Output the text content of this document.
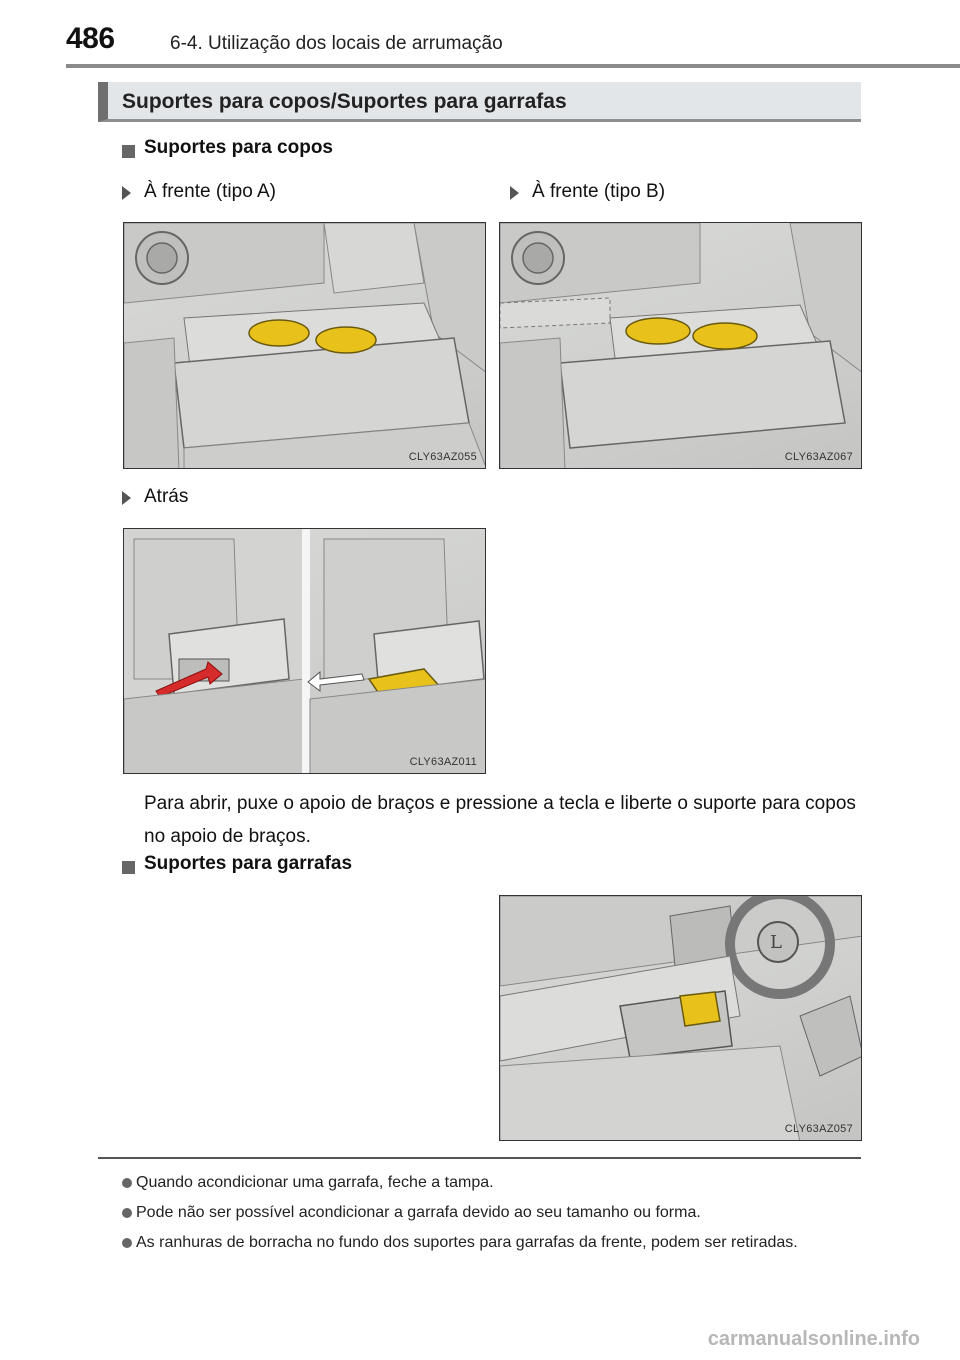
486	6-4. Utilização dos locais de arrumação
Suportes para copos/Suportes para garrafas
Suportes para copos
À frente (tipo A)	À frente (tipo B)
CLY63AZ055	CLY63AZ067
Atrás
CLY63AZ011
Para abrir, puxe o apoio de braços e pressione a tecla e liberte o suporte para copos no apoio de braços.
Suportes para garrafas
L
CLY63AZ057
Quando acondicionar uma garrafa, feche a tampa.
Pode não ser possível acondicionar a garrafa devido ao seu tamanho ou forma.
As ranhuras de borracha no fundo dos suportes para garrafas da frente, podem ser retiradas.
carmanualsonline.info
